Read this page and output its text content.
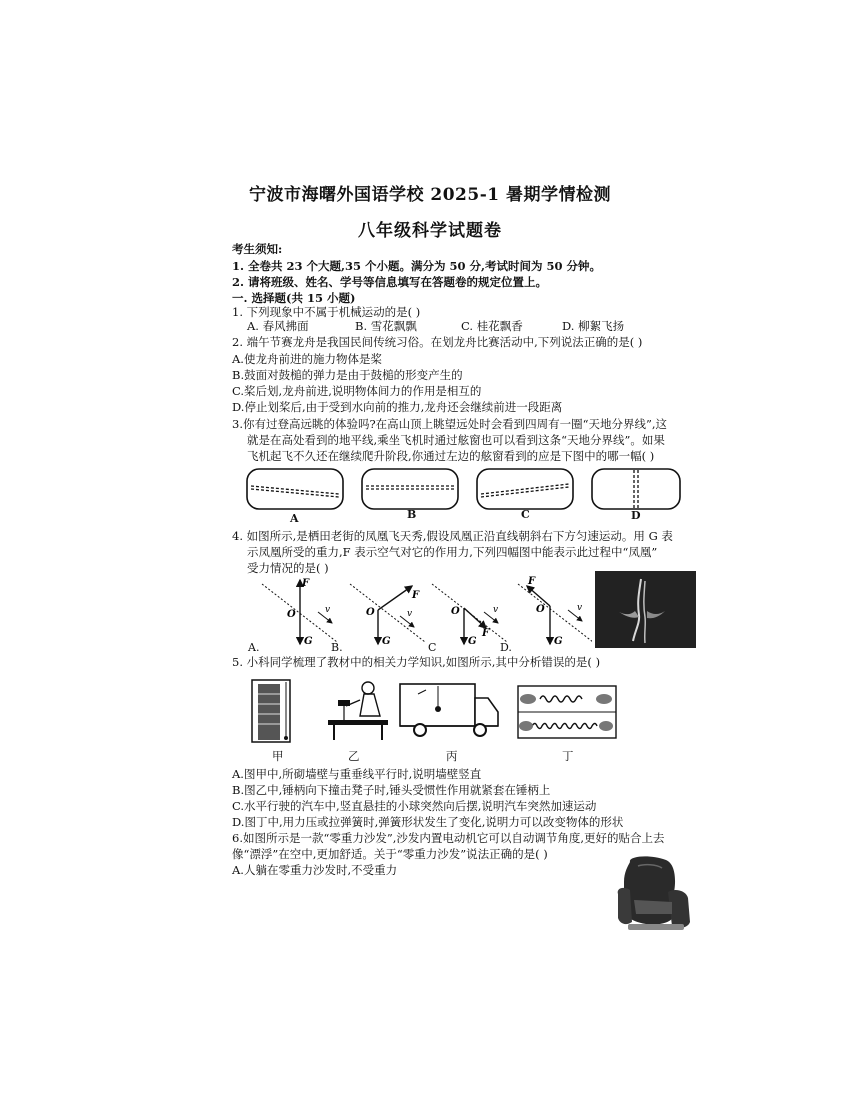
宁波市海曙外国语学校 2025-1 暑期学情检测
八年级科学试题卷
考生须知:
1. 全卷共 23 个大题,35 个小题。满分为 50 分,考试时间为 50 分钟。
2. 请将班级、姓名、学号等信息填写在答题卷的规定位置上。
一. 选择题(共 15 小题)
1. 下列现象中不属于机械运动的是( )
A. 春风拂面	B. 雪花飘飘	C. 桂花飘香	D. 柳絮飞扬
2. 端午节赛龙舟是我国民间传统习俗。在划龙舟比赛活动中,下列说法正确的是( )
A.使龙舟前进的施力物体是桨
B.鼓面对鼓槌的弹力是由于鼓槌的形变产生的
C.桨后划,龙舟前进,说明物体间力的作用是相互的
D.停止划桨后,由于受到水向前的推力,龙舟还会继续前进一段距离
3.你有过登高远眺的体验吗?在高山顶上眺望远处时会看到四周有一圈“天地分界线”,这
就是在高处看到的地平线,乘坐飞机时通过舷窗也可以看到这条“天地分界线”。如果
飞机起飞不久还在继续爬升阶段,你通过左边的舷窗看到的应是下图中的哪一幅( )
A	B	C	D
4. 如图所示,是栖田老街的凤凰飞天秀,假设凤凰正沿直线朝斜右下方匀速运动。用 G 表
示凤凰所受的重力,F 表示空气对它的作用力,下列四幅图中能表示此过程中“凤凰”
受力情况的是( )
F
O
G
v
F
O
G
v
F
O
G
v
F
O
G
v
A.	B.	C	D.
5. 小科同学梳理了教材中的相关力学知识,如图所示,其中分析错误的是( )
甲	乙	丙	丁
A.图甲中,所砌墙壁与重垂线平行时,说明墙壁竖直
B.图乙中,锤柄向下撞击凳子时,锤头受惯性作用就紧套在锤柄上
C.水平行驶的汽车中,竖直悬挂的小球突然向后摆,说明汽车突然加速运动
D.图丁中,用力压或拉弹簧时,弹簧形状发生了变化,说明力可以改变物体的形状
6.如图所示是一款“零重力沙发”,沙发内置电动机它可以自动调节角度,更好的贴合上去
像“漂浮”在空中,更加舒适。关于“零重力沙发”说法正确的是( )
A.人躺在零重力沙发时,不受重力
